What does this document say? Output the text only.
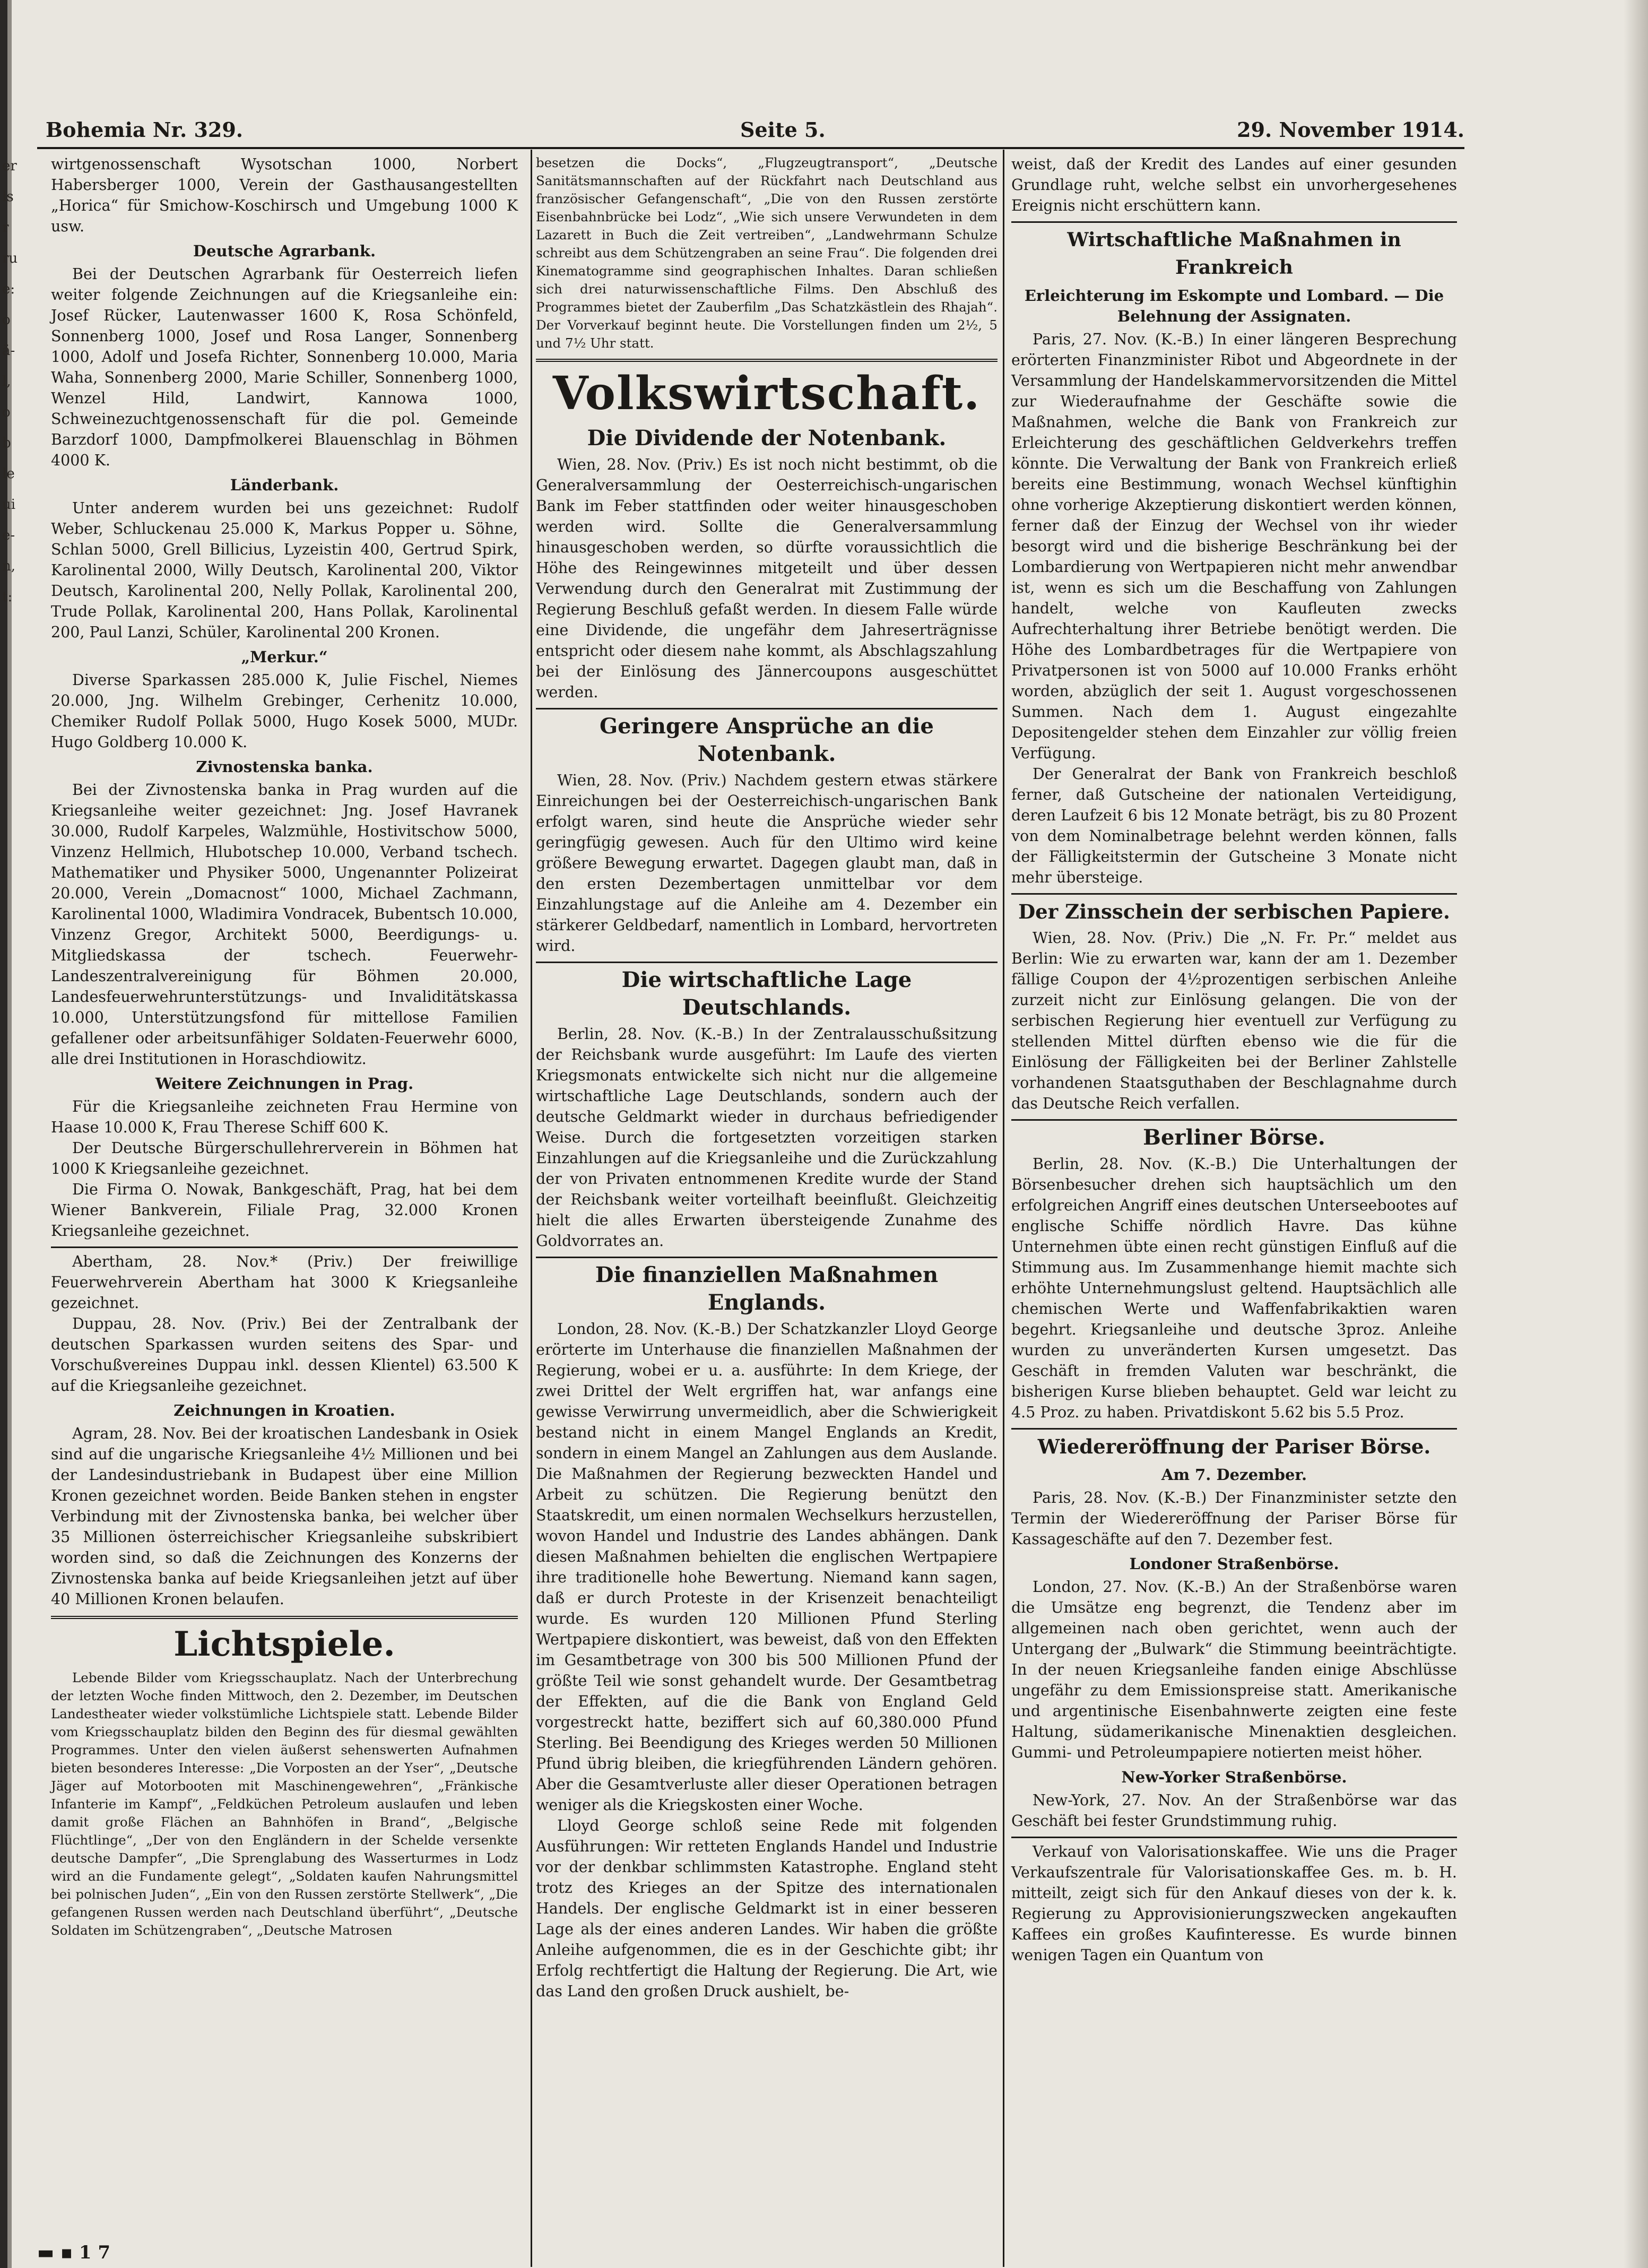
er
ls
r
ru
e:
o
ä-
l,
o
b
le
ui
e-
n,
t:
Bohemia Nr. 329.	Seite 5.	29. November 1914.

wirtgenossenschaft Wysotschan 1000, Norbert Habersberger 1000, Verein der Gasthausangestellten „Horica“ für Smichow-Koschirsch und Umgebung 1000 K usw.

Deutsche Agrarbank.

Bei der Deutschen Agrarbank für Oesterreich liefen weiter folgende Zeichnungen auf die Kriegsanleihe ein: Josef Rücker, Lautenwasser 1600 K, Rosa Schönfeld, Sonnenberg 1000, Josef und Rosa Langer, Sonnenberg 1000, Adolf und Josefa Richter, Sonnenberg 10.000, Maria Waha, Sonnenberg 2000, Marie Schiller, Sonnenberg 1000, Wenzel Hild, Landwirt, Kannowa 1000, Schweinezuchtgenossenschaft für die pol. Gemeinde Barzdorf 1000, Dampfmolkerei Blauenschlag in Böhmen 4000 K.

Länderbank.

Unter anderem wurden bei uns gezeichnet: Rudolf Weber, Schluckenau 25.000 K, Markus Popper u. Söhne, Schlan 5000, Grell Billicius, Lyzeistin 400, Gertrud Spirk, Karolinental 2000, Willy Deutsch, Karolinental 200, Viktor Deutsch, Karolinental 200, Nelly Pollak, Karolinental 200, Trude Pollak, Karolinental 200, Hans Pollak, Karolinental 200, Paul Lanzi, Schüler, Karolinental 200 Kronen.

„Merkur.“

Diverse Sparkassen 285.000 K, Julie Fischel, Niemes 20.000, Jng. Wilhelm Grebinger, Cerhenitz 10.000, Chemiker Rudolf Pollak 5000, Hugo Kosek 5000, MUDr. Hugo Goldberg 10.000 K.

Zivnostenska banka.

Bei der Zivnostenska banka in Prag wurden auf die Kriegsanleihe weiter gezeichnet: Jng. Josef Havranek 30.000, Rudolf Karpeles, Walzmühle, Hostivitschow 5000, Vinzenz Hellmich, Hlubotschep 10.000, Verband tschech. Mathematiker und Physiker 5000, Ungenannter Polizeirat 20.000, Verein „Domacnost“ 1000, Michael Zachmann, Karolinental 1000, Wladimira Vondracek, Bubentsch 10.000, Vinzenz Gregor, Architekt 5000, Beerdigungs- u. Mitgliedskassa der tschech. Feuerwehr-Landeszentralvereinigung für Böhmen 20.000, Landesfeuerwehrunterstützungs- und Invaliditätskassa 10.000, Unterstützungsfond für mittellose Familien gefallener oder arbeitsunfähiger Soldaten-Feuerwehr 6000, alle drei Institutionen in Horaschdiowitz.

Weitere Zeichnungen in Prag.

Für die Kriegsanleihe zeichneten Frau Hermine von Haase 10.000 K, Frau Therese Schiff 600 K.

Der Deutsche Bürgerschullehrerverein in Böhmen hat 1000 K Kriegsanleihe gezeichnet.

Die Firma O. Nowak, Bankgeschäft, Prag, hat bei dem Wiener Bankverein, Filiale Prag, 32.000 Kronen Kriegsanleihe gezeichnet.

Abertham, 28. Nov.* (Priv.) Der freiwillige Feuerwehrverein Abertham hat 3000 K Kriegsanleihe gezeichnet.

Duppau, 28. Nov. (Priv.) Bei der Zentralbank der deutschen Sparkassen wurden seitens des Spar- und Vorschußvereines Duppau inkl. dessen Klientel) 63.500 K auf die Kriegsanleihe gezeichnet.

Zeichnungen in Kroatien.

Agram, 28. Nov. Bei der kroatischen Landesbank in Osiek sind auf die ungarische Kriegsanleihe 4½ Millionen und bei der Landesindustriebank in Budapest über eine Million Kronen gezeichnet worden. Beide Banken stehen in engster Verbindung mit der Zivnostenska banka, bei welcher über 35 Millionen österreichischer Kriegsanleihe subskribiert worden sind, so daß die Zeichnungen des Konzerns der Zivnostenska banka auf beide Kriegsanleihen jetzt auf über 40 Millionen Kronen belaufen.

Lichtspiele.

Lebende Bilder vom Kriegsschauplatz. Nach der Unterbrechung der letzten Woche finden Mittwoch, den 2. Dezember, im Deutschen Landestheater wieder volkstümliche Lichtspiele statt. Lebende Bilder vom Kriegsschauplatz bilden den Beginn des für diesmal gewählten Programmes. Unter den vielen äußerst sehenswerten Aufnahmen bieten besonderes Interesse: „Die Vorposten an der Yser“, „Deutsche Jäger auf Motorbooten mit Maschinengewehren“, „Fränkische Infanterie im Kampf“, „Feldküchen Petroleum auslaufen und leben damit große Flächen an Bahnhöfen in Brand“, „Belgische Flüchtlinge“, „Der von den Engländern in der Schelde versenkte deutsche Dampfer“, „Die Sprenglabung des Wasserturmes in Lodz wird an die Fundamente gelegt“, „Soldaten kaufen Nahrungsmittel bei polnischen Juden“, „Ein von den Russen zerstörte Stellwerk“, „Die gefangenen Russen werden nach Deutschland überführt“, „Deutsche Soldaten im Schützengraben“, „Deutsche Matrosen

besetzen die Docks“, „Flugzeugtransport“, „Deutsche Sanitätsmannschaften auf der Rückfahrt nach Deutschland aus französischer Gefangenschaft“, „Die von den Russen zerstörte Eisenbahnbrücke bei Lodz“, „Wie sich unsere Verwundeten in dem Lazarett in Buch die Zeit vertreiben“, „Landwehrmann Schulze schreibt aus dem Schützengraben an seine Frau“. Die folgenden drei Kinematogramme sind geographischen Inhaltes. Daran schließen sich drei naturwissenschaftliche Films. Den Abschluß des Programmes bietet der Zauberfilm „Das Schatzkästlein des Rhajah“. Der Vorverkauf beginnt heute. Die Vorstellungen finden um 2½, 5 und 7½ Uhr statt.

Volkswirtschaft.
Die Dividende der Notenbank.

Wien, 28. Nov. (Priv.) Es ist noch nicht bestimmt, ob die Generalversammlung der Oesterreichisch-ungarischen Bank im Feber stattfinden oder weiter hinausgeschoben werden wird. Sollte die Generalversammlung hinausgeschoben werden, so dürfte voraussichtlich die Höhe des Reingewinnes mitgeteilt und über dessen Verwendung durch den Generalrat mit Zustimmung der Regierung Beschluß gefaßt werden. In diesem Falle würde eine Dividende, die ungefähr dem Jahreserträgnisse entspricht oder diesem nahe kommt, als Abschlagszahlung bei der Einlösung des Jännercoupons ausgeschüttet werden.

Geringere Ansprüche an die Notenbank.

Wien, 28. Nov. (Priv.) Nachdem gestern etwas stärkere Einreichungen bei der Oesterreichisch-ungarischen Bank erfolgt waren, sind heute die Ansprüche wieder sehr geringfügig gewesen. Auch für den Ultimo wird keine größere Bewegung erwartet. Dagegen glaubt man, daß in den ersten Dezembertagen unmittelbar vor dem Einzahlungstage auf die Anleihe am 4. Dezember ein stärkerer Geldbedarf, namentlich in Lombard, hervortreten wird.

Die wirtschaftliche Lage Deutschlands.

Berlin, 28. Nov. (K.-B.) In der Zentralausschußsitzung der Reichsbank wurde ausgeführt: Im Laufe des vierten Kriegsmonats entwickelte sich nicht nur die allgemeine wirtschaftliche Lage Deutschlands, sondern auch der deutsche Geldmarkt wieder in durchaus befriedigender Weise. Durch die fortgesetzten vorzeitigen starken Einzahlungen auf die Kriegsanleihe und die Zurückzahlung der von Privaten entnommenen Kredite wurde der Stand der Reichsbank weiter vorteilhaft beeinflußt. Gleichzeitig hielt die alles Erwarten übersteigende Zunahme des Goldvorrates an.

Die finanziellen Maßnahmen Englands.

London, 28. Nov. (K.-B.) Der Schatzkanzler Lloyd George erörterte im Unterhause die finanziellen Maßnahmen der Regierung, wobei er u. a. ausführte: In dem Kriege, der zwei Drittel der Welt ergriffen hat, war anfangs eine gewisse Verwirrung unvermeidlich, aber die Schwierigkeit bestand nicht in einem Mangel Englands an Kredit, sondern in einem Mangel an Zahlungen aus dem Auslande. Die Maßnahmen der Regierung bezweckten Handel und Arbeit zu schützen. Die Regierung benützt den Staatskredit, um einen normalen Wechselkurs herzustellen, wovon Handel und Industrie des Landes abhängen. Dank diesen Maßnahmen behielten die englischen Wertpapiere ihre traditionelle hohe Bewertung. Niemand kann sagen, daß er durch Proteste in der Krisenzeit benachteiligt wurde. Es wurden 120 Millionen Pfund Sterling Wertpapiere diskontiert, was beweist, daß von den Effekten im Gesamtbetrage von 300 bis 500 Millionen Pfund der größte Teil wie sonst gehandelt wurde. Der Gesamtbetrag der Effekten, auf die die Bank von England Geld vorgestreckt hatte, beziffert sich auf 60,380.000 Pfund Sterling. Bei Beendigung des Krieges werden 50 Millionen Pfund übrig bleiben, die kriegführenden Ländern gehören. Aber die Gesamtverluste aller dieser Operationen betragen weniger als die Kriegskosten einer Woche.

Lloyd George schloß seine Rede mit folgenden Ausführungen: Wir retteten Englands Handel und Industrie vor der denkbar schlimmsten Katastrophe. England steht trotz des Krieges an der Spitze des internationalen Handels. Der englische Geldmarkt ist in einer besseren Lage als der eines anderen Landes. Wir haben die größte Anleihe aufgenommen, die es in der Geschichte gibt; ihr Erfolg rechtfertigt die Haltung der Regierung. Die Art, wie das Land den großen Druck aushielt, be-

weist, daß der Kredit des Landes auf einer gesunden Grundlage ruht, welche selbst ein unvorhergesehenes Ereignis nicht erschüttern kann.

Wirtschaftliche Maßnahmen in Frankreich
Erleichterung im Eskompte und Lombard. — Die Belehnung der Assignaten.

Paris, 27. Nov. (K.-B.) In einer längeren Besprechung erörterten Finanzminister Ribot und Abgeordnete in der Versammlung der Handelskammervorsitzenden die Mittel zur Wiederaufnahme der Geschäfte sowie die Maßnahmen, welche die Bank von Frankreich zur Erleichterung des geschäftlichen Geldverkehrs treffen könnte. Die Verwaltung der Bank von Frankreich erließ bereits eine Bestimmung, wonach Wechsel künftighin ohne vorherige Akzeptierung diskontiert werden können, ferner daß der Einzug der Wechsel von ihr wieder besorgt wird und die bisherige Beschränkung bei der Lombardierung von Wertpapieren nicht mehr anwendbar ist, wenn es sich um die Beschaffung von Zahlungen handelt, welche von Kaufleuten zwecks Aufrechterhaltung ihrer Betriebe benötigt werden. Die Höhe des Lombardbetrages für die Wertpapiere von Privatpersonen ist von 5000 auf 10.000 Franks erhöht worden, abzüglich der seit 1. August vorgeschossenen Summen. Nach dem 1. August eingezahlte Depositengelder stehen dem Einzahler zur völlig freien Verfügung.

Der Generalrat der Bank von Frankreich beschloß ferner, daß Gutscheine der nationalen Verteidigung, deren Laufzeit 6 bis 12 Monate beträgt, bis zu 80 Prozent von dem Nominalbetrage belehnt werden können, falls der Fälligkeitstermin der Gutscheine 3 Monate nicht mehr übersteige.

Der Zinsschein der serbischen Papiere.

Wien, 28. Nov. (Priv.) Die „N. Fr. Pr.“ meldet aus Berlin: Wie zu erwarten war, kann der am 1. Dezember fällige Coupon der 4½prozentigen serbischen Anleihe zurzeit nicht zur Einlösung gelangen. Die von der serbischen Regierung hier eventuell zur Verfügung zu stellenden Mittel dürften ebenso wie die für die Einlösung der Fälligkeiten bei der Berliner Zahlstelle vorhandenen Staatsguthaben der Beschlagnahme durch das Deutsche Reich verfallen.

Berliner Börse.

Berlin, 28. Nov. (K.-B.) Die Unterhaltungen der Börsenbesucher drehen sich hauptsächlich um den erfolgreichen Angriff eines deutschen Unterseebootes auf englische Schiffe nördlich Havre. Das kühne Unternehmen übte einen recht günstigen Einfluß auf die Stimmung aus. Im Zusammenhange hiemit machte sich erhöhte Unternehmungslust geltend. Hauptsächlich alle chemischen Werte und Waffenfabrikaktien waren begehrt. Kriegsanleihe und deutsche 3proz. Anleihe wurden zu unveränderten Kursen umgesetzt. Das Geschäft in fremden Valuten war beschränkt, die bisherigen Kurse blieben behauptet. Geld war leicht zu 4.5 Proz. zu haben. Privatdiskont 5.62 bis 5.5 Proz.

Wiedereröffnung der Pariser Börse.
Am 7. Dezember.

Paris, 28. Nov. (K.-B.) Der Finanzminister setzte den Termin der Wiedereröffnung der Pariser Börse für Kassageschäfte auf den 7. Dezember fest.

Londoner Straßenbörse.

London, 27. Nov. (K.-B.) An der Straßenbörse waren die Umsätze eng begrenzt, die Tendenz aber im allgemeinen nach oben gerichtet, wenn auch der Untergang der „Bulwark“ die Stimmung beeinträchtigte. In der neuen Kriegsanleihe fanden einige Abschlüsse ungefähr zu dem Emissionspreise statt. Amerikanische und argentinische Eisenbahnwerte zeigten eine feste Haltung, südamerikanische Minenaktien desgleichen. Gummi- und Petroleumpapiere notierten meist höher.

New-Yorker Straßenbörse.

New-York, 27. Nov. An der Straßenbörse war das Geschäft bei fester Grundstimmung ruhig.

Verkauf von Valorisationskaffee. Wie uns die Prager Verkaufszentrale für Valorisationskaffee Ges. m. b. H. mitteilt, zeigt sich für den Ankauf dieses von der k. k. Regierung zu Approvisionierungszwecken angekauften Kaffees ein großes Kaufinteresse. Es wurde binnen wenigen Tagen ein Quantum von

▬ ▪ 1 7
